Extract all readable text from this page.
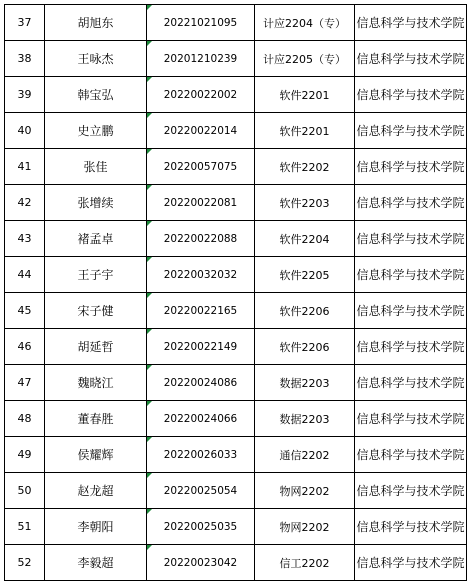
37	胡旭东	20221021095	计应2204（专）	信息科学与技术学院
38	王咏杰	20201210239	计应2205（专）	信息科学与技术学院
39	韩宝弘	20220022002	软件2201	信息科学与技术学院
40	史立鹏	20220022014	软件2201	信息科学与技术学院
41	张佳	20220057075	软件2202	信息科学与技术学院
42	张增续	20220022081	软件2203	信息科学与技术学院
43	褚孟卓	20220022088	软件2204	信息科学与技术学院
44	王子宇	20220032032	软件2205	信息科学与技术学院
45	宋子健	20220022165	软件2206	信息科学与技术学院
46	胡延哲	20220022149	软件2206	信息科学与技术学院
47	魏晓江	20220024086	数据2203	信息科学与技术学院
48	董春胜	20220024066	数据2203	信息科学与技术学院
49	侯耀辉	20220026033	通信2202	信息科学与技术学院
50	赵龙超	20220025054	物网2202	信息科学与技术学院
51	李朝阳	20220025035	物网2202	信息科学与技术学院
52	李毅超	20220023042	信工2202	信息科学与技术学院
